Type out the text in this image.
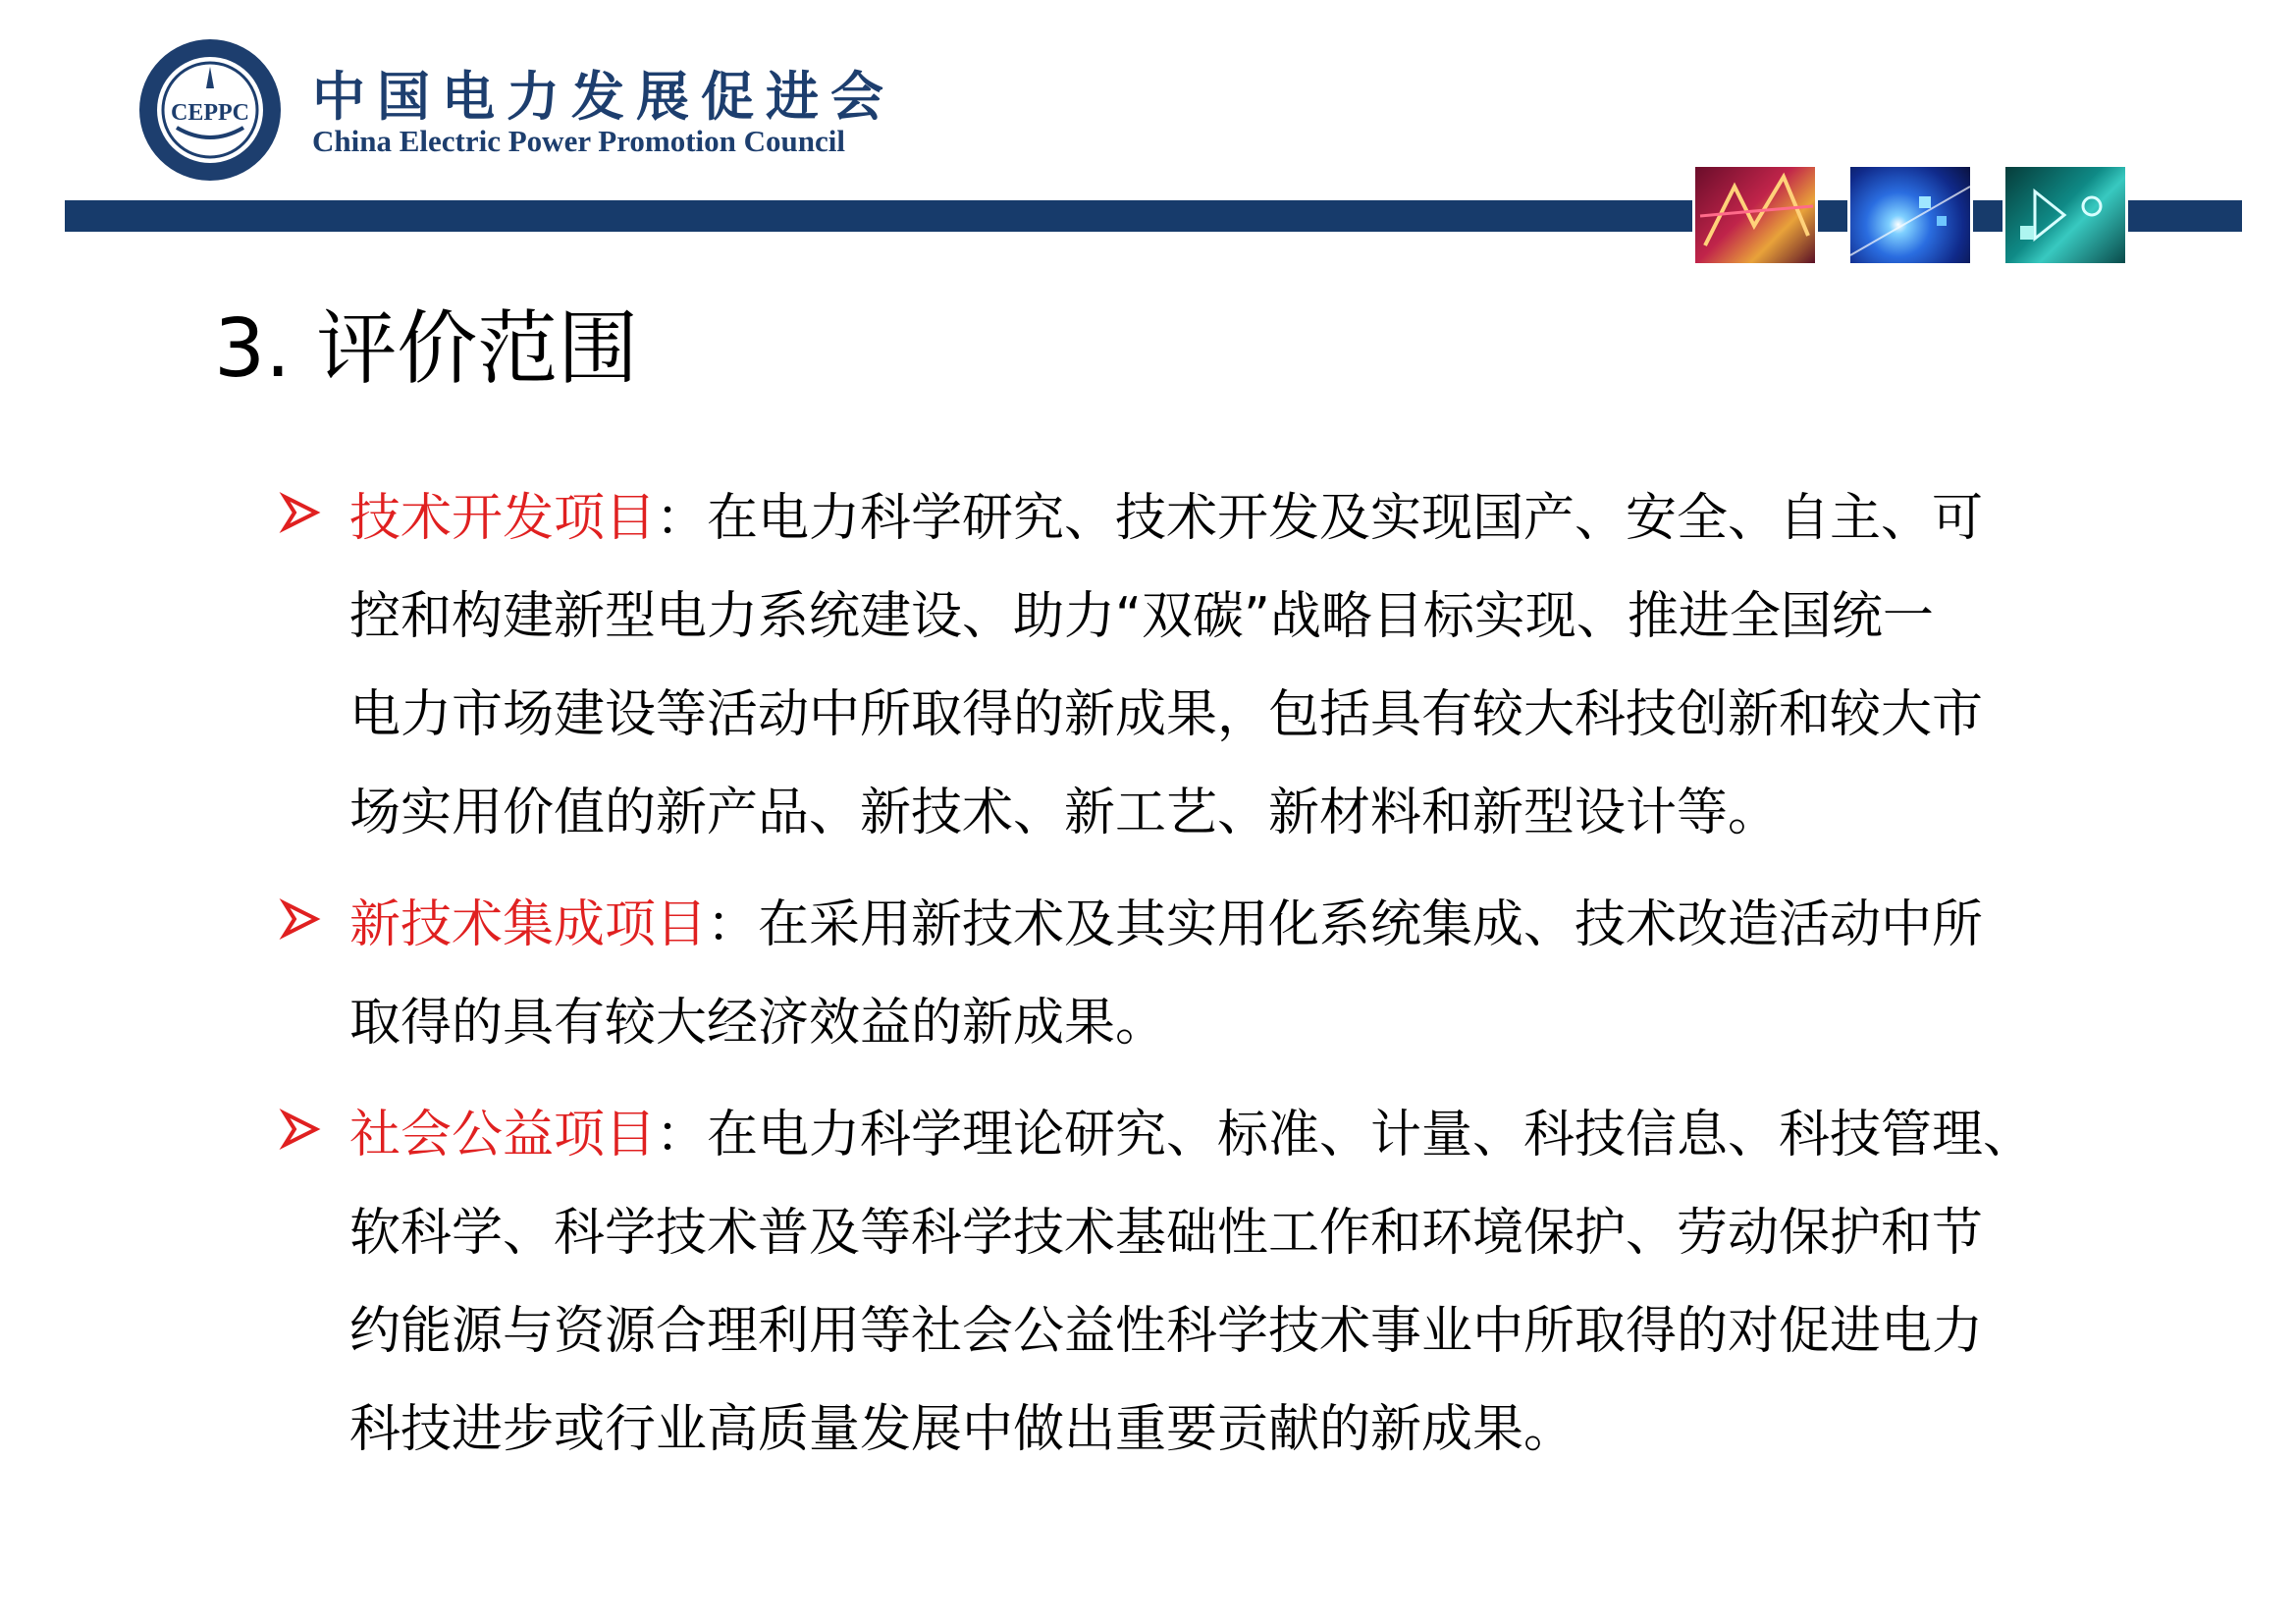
CEPPC 中国电力发展促进会
China Electric Power Promotion Council
3. 评价范围
技术开发项目：在电力科学研究、技术开发及实现国产、安全、自主、可
控和构建新型电力系统建设、助力“双碳”战略目标实现、推进全国统一
电力市场建设等活动中所取得的新成果，包括具有较大科技创新和较大市
场实用价值的新产品、新技术、新工艺、新材料和新型设计等。
新技术集成项目：在采用新技术及其实用化系统集成、技术改造活动中所
取得的具有较大经济效益的新成果。
社会公益项目：在电力科学理论研究、标准、计量、科技信息、科技管理、
软科学、科学技术普及等科学技术基础性工作和环境保护、劳动保护和节
约能源与资源合理利用等社会公益性科学技术事业中所取得的对促进电力
科技进步或行业高质量发展中做出重要贡献的新成果。
